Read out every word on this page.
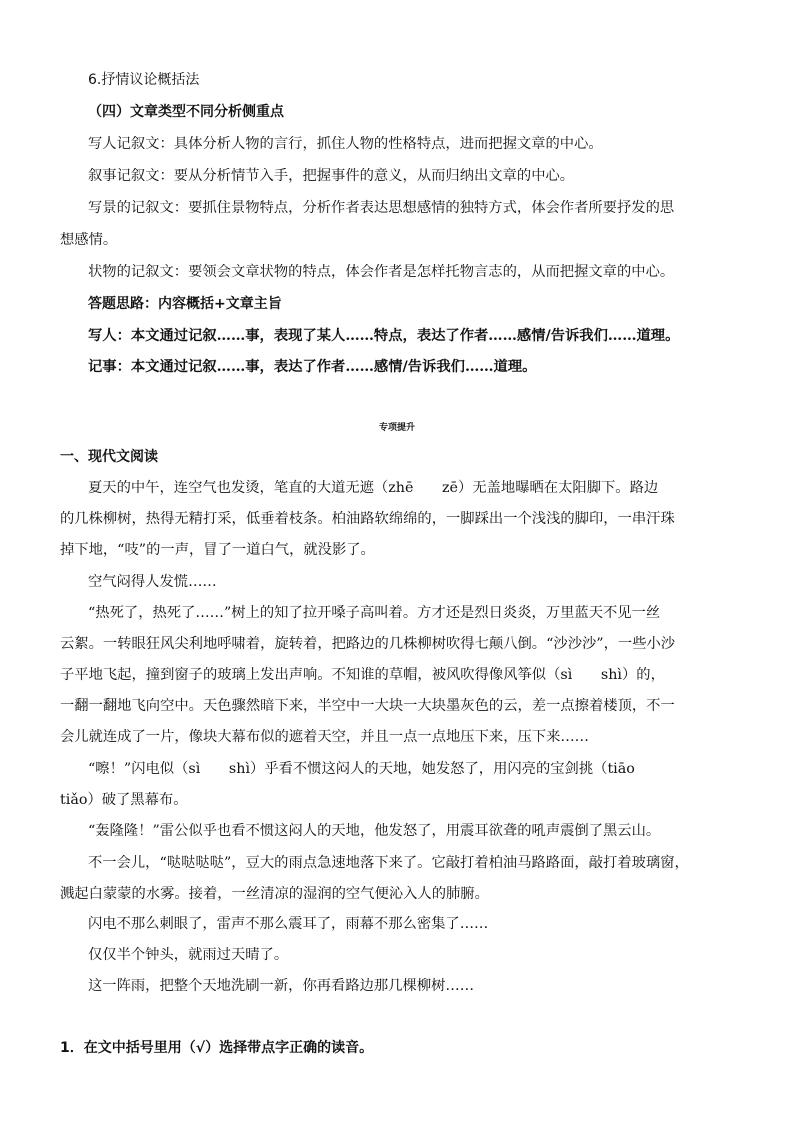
6.抒情议论概括法
（四）文章类型不同分析侧重点
写人记叙文：具体分析人物的言行，抓住人物的性格特点，进而把握文章的中心。
叙事记叙文：要从分析情节入手，把握事件的意义，从而归纳出文章的中心。
写景的记叙文：要抓住景物特点，分析作者表达思想感情的独特方式，体会作者所要抒发的思
想感情。
状物的记叙文：要领会文章状物的特点，体会作者是怎样托物言志的，从而把握文章的中心。
答题思路：内容概括+文章主旨
写人：本文通过记叙……事，表现了某人……特点，表达了作者……感情/告诉我们……道理。
记事：本文通过记叙……事，表达了作者……感情/告诉我们……道理。
专项提升
一、现代文阅读
夏天的中午，连空气也发烫，笔直的大道无遮（zhē　　zē）无盖地曝晒在太阳脚下。路边
的几株柳树，热得无精打采，低垂着枝条。柏油路软绵绵的，一脚踩出一个浅浅的脚印，一串汗珠
掉下地，“吱”的一声，冒了一道白气，就没影了。
空气闷得人发慌……
“热死了，热死了……”树上的知了拉开嗓子高叫着。方才还是烈日炎炎，万里蓝天不见一丝
云絮。一转眼狂风尖利地呼啸着，旋转着，把路边的几株柳树吹得七颠八倒。“沙沙沙”，一些小沙
子平地飞起，撞到窗子的玻璃上发出声响。不知谁的草帽，被风吹得像风筝似（sì　　shì）的，
一翻一翻地飞向空中。天色骤然暗下来，半空中一大块一大块墨灰色的云，差一点擦着楼顶，不一
会儿就连成了一片，像块大幕布似的遮着天空，并且一点一点地压下来，压下来……
“嚓！”闪电似（sì　　shì）乎看不惯这闷人的天地，她发怒了，用闪亮的宝剑挑（tiāo
tiǎo）破了黑幕布。
“轰隆隆！”雷公似乎也看不惯这闷人的天地，他发怒了，用震耳欲聋的吼声震倒了黑云山。
不一会儿，“哒哒哒哒”，豆大的雨点急速地落下来了。它敲打着柏油马路路面，敲打着玻璃窗，
溅起白蒙蒙的水雾。接着，一丝清凉的湿润的空气便沁入人的肺腑。
闪电不那么刺眼了，雷声不那么震耳了，雨幕不那么密集了……
仅仅半个钟头，就雨过天晴了。
这一阵雨，把整个天地洗刷一新，你再看路边那几棵柳树……
1．在文中括号里用（√）选择带点字正确的读音。
